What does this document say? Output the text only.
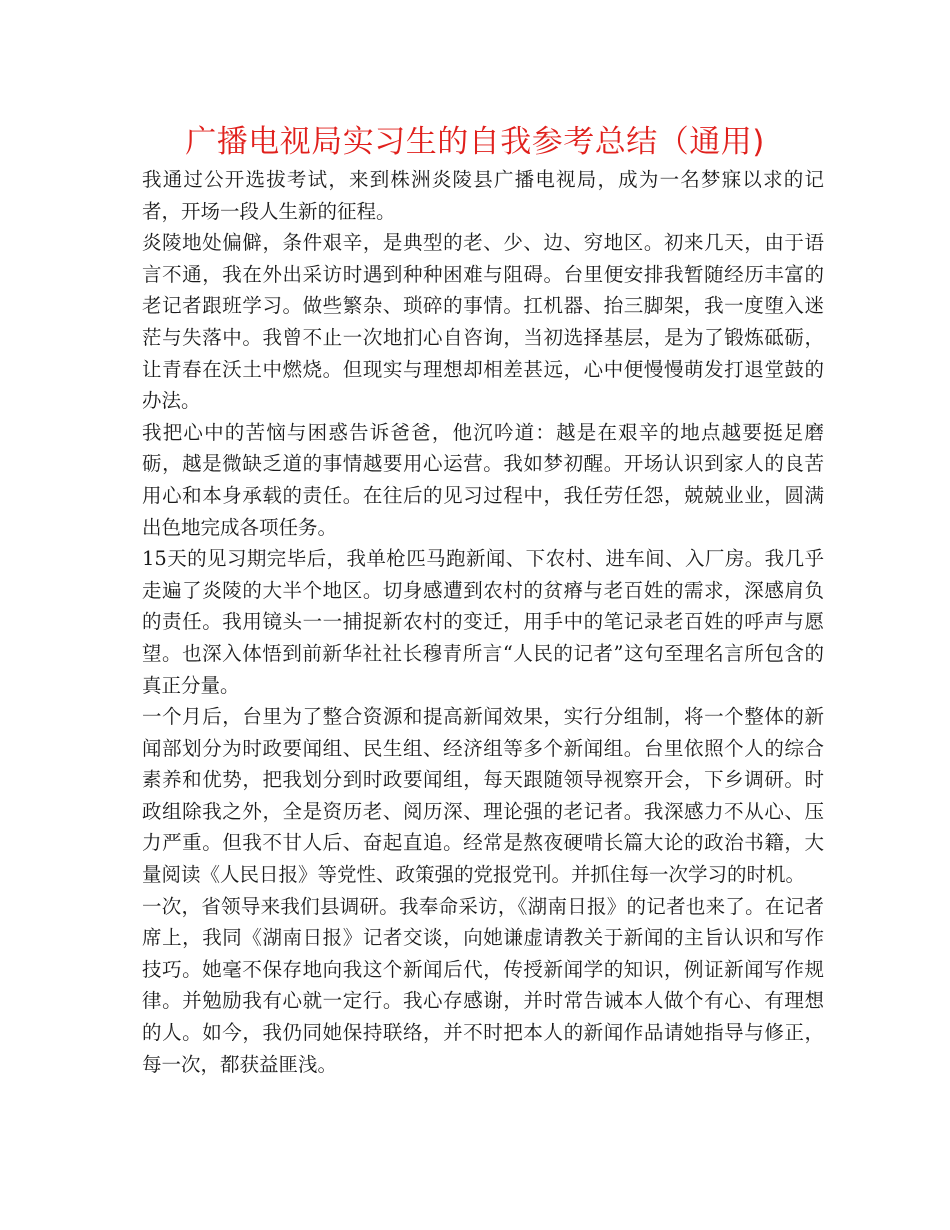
广播电视局实习生的自我参考总结（通用)

我通过公开选拔考试，来到株洲炎陵县广播电视局，成为一名梦寐以求的记者，开场一段人生新的征程。

炎陵地处偏僻，条件艰辛，是典型的老、少、边、穷地区。初来几天，由于语言不通，我在外出采访时遇到种种困难与阻碍。台里便安排我暂随经历丰富的老记者跟班学习。做些繁杂、琐碎的事情。扛机器、抬三脚架，我一度堕入迷茫与失落中。我曾不止一次地扪心自咨询，当初选择基层，是为了锻炼砥砺，让青春在沃土中燃烧。但现实与理想却相差甚远，心中便慢慢萌发打退堂鼓的办法。

我把心中的苦恼与困惑告诉爸爸，他沉吟道：越是在艰辛的地点越要挺足磨砺，越是微缺乏道的事情越要用心运营。我如梦初醒。开场认识到家人的良苦用心和本身承载的责任。在往后的见习过程中，我任劳任怨，兢兢业业，圆满出色地完成各项任务。

15天的见习期完毕后，我单枪匹马跑新闻、下农村、进车间、入厂房。我几乎走遍了炎陵的大半个地区。切身感遭到农村的贫瘠与老百姓的需求，深感肩负的责任。我用镜头一一捕捉新农村的变迁，用手中的笔记录老百姓的呼声与愿望。也深入体悟到前新华社社长穆青所言“人民的记者”这句至理名言所包含的真正分量。

一个月后，台里为了整合资源和提高新闻效果，实行分组制，将一个整体的新闻部划分为时政要闻组、民生组、经济组等多个新闻组。台里依照个人的综合素养和优势，把我划分到时政要闻组，每天跟随领导视察开会，下乡调研。时政组除我之外，全是资历老、阅历深、理论强的老记者。我深感力不从心、压力严重。但我不甘人后、奋起直追。经常是熬夜硬啃长篇大论的政治书籍，大量阅读《人民日报》等党性、政策强的党报党刊。并抓住每一次学习的时机。

一次，省领导来我们县调研。我奉命采访，《湖南日报》的记者也来了。在记者席上，我同《湖南日报》记者交谈，向她谦虚请教关于新闻的主旨认识和写作技巧。她毫不保存地向我这个新闻后代，传授新闻学的知识，例证新闻写作规律。并勉励我有心就一定行。我心存感谢，并时常告诫本人做个有心、有理想的人。如今，我仍同她保持联络，并不时把本人的新闻作品请她指导与修正，每一次，都获益匪浅。
